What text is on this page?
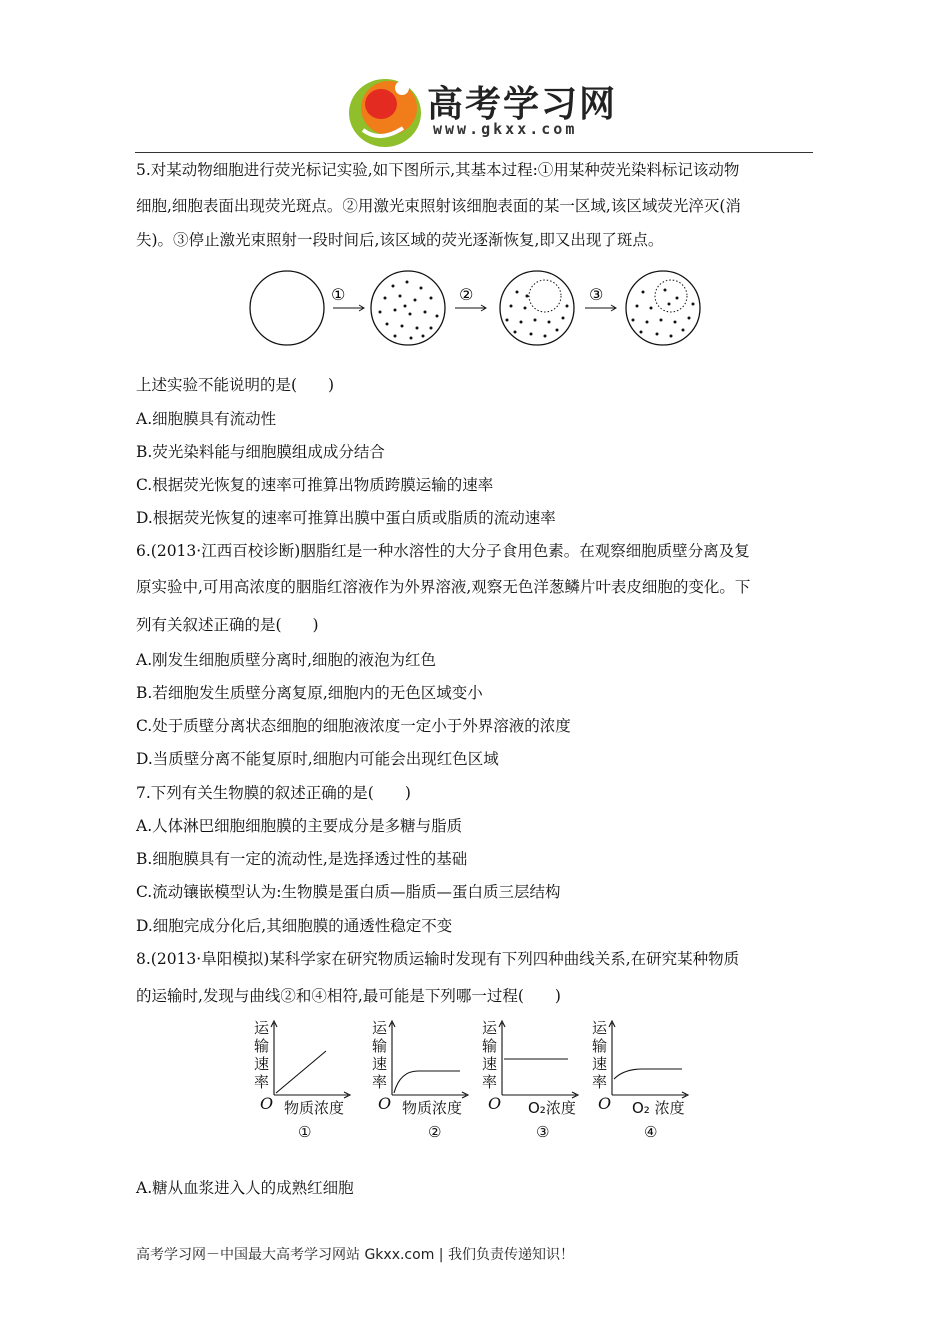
高考学习网
www.gkxx.com
5.对某动物细胞进行荧光标记实验,如下图所示,其基本过程:①用某种荧光染料标记该动物
细胞,细胞表面出现荧光斑点。②用激光束照射该细胞表面的某一区域,该区域荧光淬灭(消
失)。③停止激光束照射一段时间后,该区域的荧光逐渐恢复,即又出现了斑点。
①	②	③
上述实验不能说明的是(　　)
A.细胞膜具有流动性
B.荧光染料能与细胞膜组成成分结合
C.根据荧光恢复的速率可推算出物质跨膜运输的速率
D.根据荧光恢复的速率可推算出膜中蛋白质或脂质的流动速率
6.(2013·江西百校诊断)胭脂红是一种水溶性的大分子食用色素。在观察细胞质壁分离及复
原实验中,可用高浓度的胭脂红溶液作为外界溶液,观察无色洋葱鳞片叶表皮细胞的变化。下
列有关叙述正确的是(　　)
A.刚发生细胞质壁分离时,细胞的液泡为红色
B.若细胞发生质壁分离复原,细胞内的无色区域变小
C.处于质壁分离状态细胞的细胞液浓度一定小于外界溶液的浓度
D.当质壁分离不能复原时,细胞内可能会出现红色区域
7.下列有关生物膜的叙述正确的是(　　)
A.人体淋巴细胞细胞膜的主要成分是多糖与脂质
B.细胞膜具有一定的流动性,是选择透过性的基础
C.流动镶嵌模型认为:生物膜是蛋白质—脂质—蛋白质三层结构
D.细胞完成分化后,其细胞膜的通透性稳定不变
8.(2013·阜阳模拟)某科学家在研究物质运输时发现有下列四种曲线关系,在研究某种物质
的运输时,发现与曲线②和④相符,最可能是下列哪一过程(　　)
运
输
速
率
O 物质浓度
①
运
输
速
率
O 物质浓度
②
运
输
速
率
O O₂浓度
③
运
输
速
率
O O₂ 浓度
④
A.糖从血浆进入人的成熟红细胞
高考学习网－中国最大高考学习网站 Gkxx.com | 我们负责传递知识！
